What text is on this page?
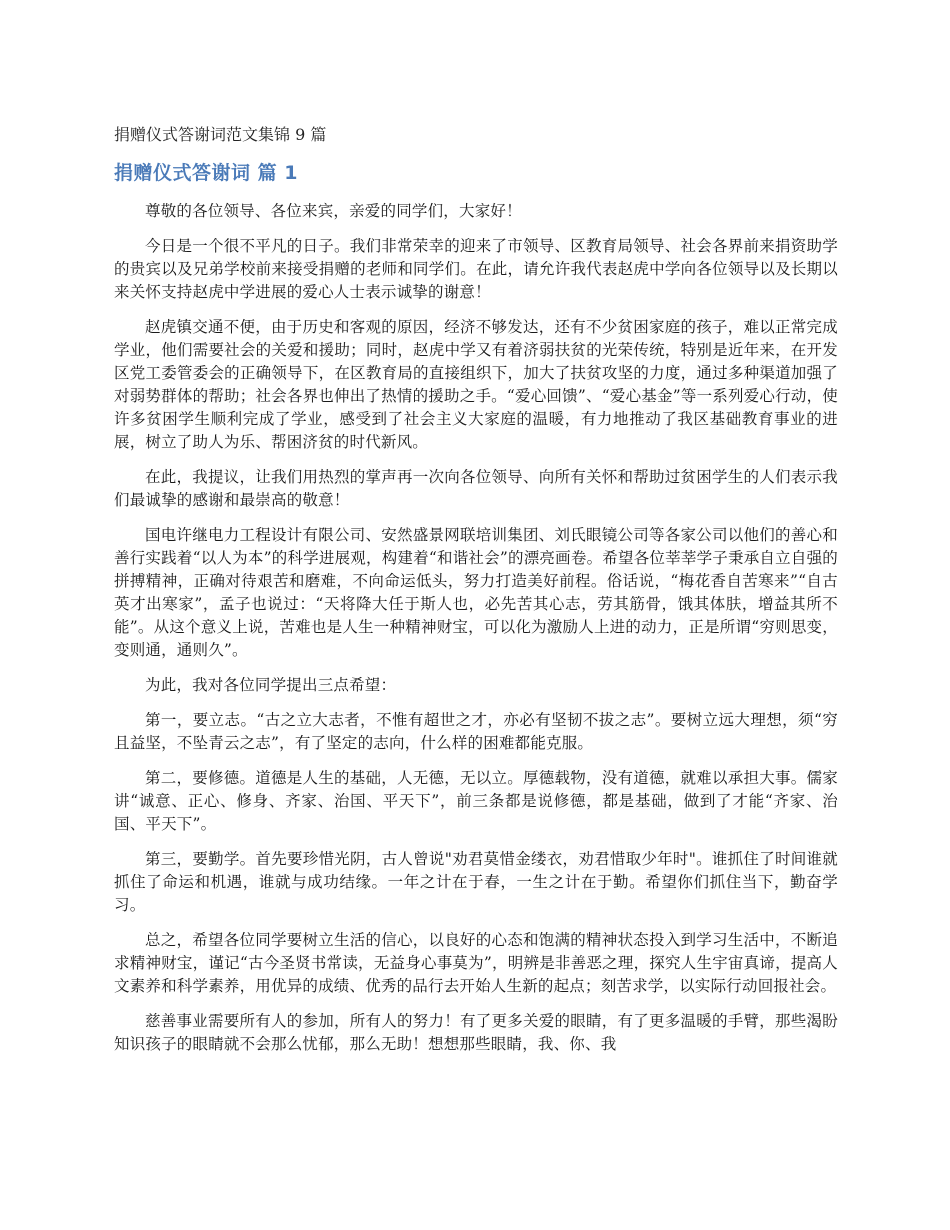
捐赠仪式答谢词范文集锦 9 篇
捐赠仪式答谢词 篇 1

尊敬的各位领导、各位来宾，亲爱的同学们，大家好！

今日是一个很不平凡的日子。我们非常荣幸的迎来了市领导、区教育局领导、社会各界前来捐资助学的贵宾以及兄弟学校前来接受捐赠的老师和同学们。在此，请允许我代表赵虎中学向各位领导以及长期以来关怀支持赵虎中学进展的爱心人士表示诚挚的谢意！

赵虎镇交通不便，由于历史和客观的原因，经济不够发达，还有不少贫困家庭的孩子，难以正常完成学业，他们需要社会的关爱和援助；同时，赵虎中学又有着济弱扶贫的光荣传统，特别是近年来，在开发区党工委管委会的正确领导下，在区教育局的直接组织下，加大了扶贫攻坚的力度，通过多种渠道加强了对弱势群体的帮助；社会各界也伸出了热情的援助之手。“爱心回馈”、“爱心基金”等一系列爱心行动，使许多贫困学生顺利完成了学业，感受到了社会主义大家庭的温暖，有力地推动了我区基础教育事业的进展，树立了助人为乐、帮困济贫的时代新风。

在此，我提议，让我们用热烈的掌声再一次向各位领导、向所有关怀和帮助过贫困学生的人们表示我们最诚挚的感谢和最崇高的敬意！

国电许继电力工程设计有限公司、安然盛景网联培训集团、刘氏眼镜公司等各家公司以他们的善心和善行实践着“以人为本”的科学进展观，构建着“和谐社会”的漂亮画卷。希望各位莘莘学子秉承自立自强的拼搏精神，正确对待艰苦和磨难，不向命运低头，努力打造美好前程。俗话说，“梅花香自苦寒来”“自古英才出寒家”，孟子也说过：“天将降大任于斯人也，必先苦其心志，劳其筋骨，饿其体肤，增益其所不能”。从这个意义上说，苦难也是人生一种精神财宝，可以化为激励人上进的动力，正是所谓“穷则思变，变则通，通则久”。

为此，我对各位同学提出三点希望：

第一，要立志。“古之立大志者，不惟有超世之才，亦必有坚韧不拔之志”。要树立远大理想，须“穷且益坚，不坠青云之志”，有了坚定的志向，什么样的困难都能克服。

第二，要修德。道德是人生的基础，人无德，无以立。厚德载物，没有道德，就难以承担大事。儒家讲“诚意、正心、修身、齐家、治国、平天下”，前三条都是说修德，都是基础，做到了才能“齐家、治国、平天下”。

第三，要勤学。首先要珍惜光阴，古人曾说"劝君莫惜金缕衣，劝君惜取少年时"。谁抓住了时间谁就抓住了命运和机遇，谁就与成功结缘。一年之计在于春，一生之计在于勤。希望你们抓住当下，勤奋学习。

总之，希望各位同学要树立生活的信心，以良好的心态和饱满的精神状态投入到学习生活中，不断追求精神财宝，谨记“古今圣贤书常读，无益身心事莫为”，明辨是非善恶之理，探究人生宇宙真谛，提高人文素养和科学素养，用优异的成绩、优秀的品行去开始人生新的起点；刻苦求学，以实际行动回报社会。

慈善事业需要所有人的参加，所有人的努力！有了更多关爱的眼睛，有了更多温暖的手臂，那些渴盼知识孩子的眼睛就不会那么忧郁，那么无助！想想那些眼睛，我、你、我
